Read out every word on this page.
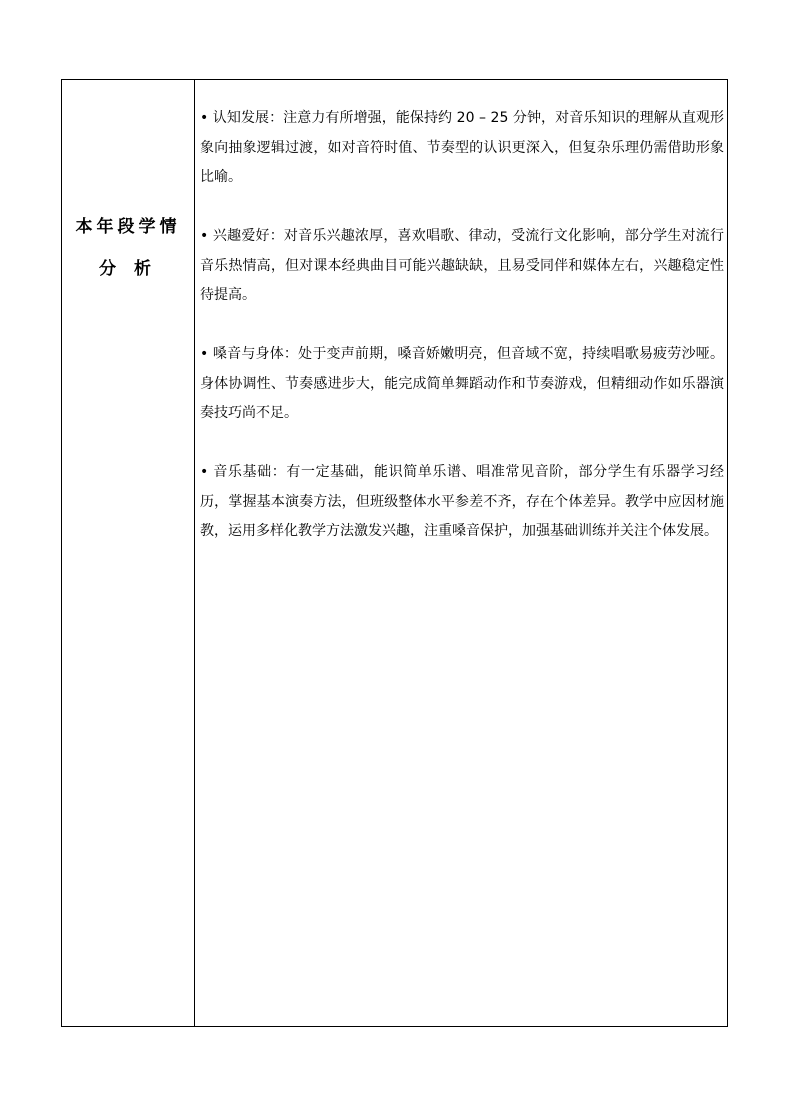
本年段学情
分 析

• 认知发展：注意力有所增强，能保持约 20 – 25 分钟，对音乐知识的理解从直观形象向抽象逻辑过渡，如对音符时值、节奏型的认识更深入，但复杂乐理仍需借助形象比喻。

• 兴趣爱好：对音乐兴趣浓厚，喜欢唱歌、律动，受流行文化影响，部分学生对流行音乐热情高，但对课本经典曲目可能兴趣缺缺，且易受同伴和媒体左右，兴趣稳定性待提高。

• 嗓音与身体：处于变声前期，嗓音娇嫩明亮，但音域不宽，持续唱歌易疲劳沙哑。身体协调性、节奏感进步大，能完成简单舞蹈动作和节奏游戏，但精细动作如乐器演奏技巧尚不足。

• 音乐基础：有一定基础，能识简单乐谱、唱准常见音阶，部分学生有乐器学习经历，掌握基本演奏方法，但班级整体水平参差不齐，存在个体差异。教学中应因材施教，运用多样化教学方法激发兴趣，注重嗓音保护，加强基础训练并关注个体发展。
